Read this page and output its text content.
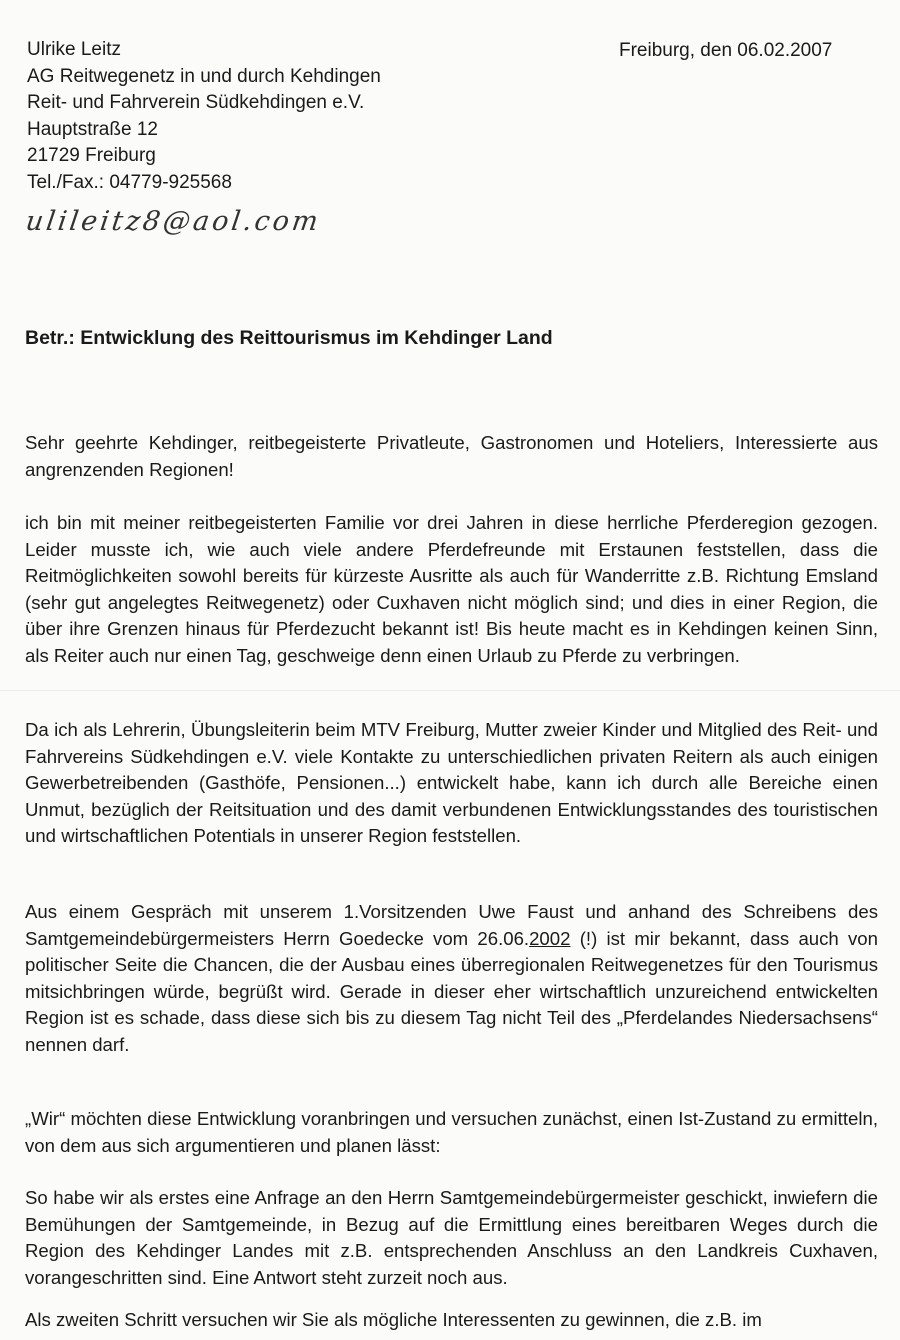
Ulrike Leitz
AG Reitwegenetz in und durch Kehdingen
Reit- und Fahrverein Südkehdingen e.V.
Hauptstraße 12
21729 Freiburg
Tel./Fax.: 04779-925568
Freiburg, den 06.02.2007
ulileitz8@aol.com
Betr.: Entwicklung des Reittourismus im Kehdinger Land
Sehr geehrte Kehdinger, reitbegeisterte Privatleute, Gastronomen und Hoteliers, Interessierte aus angrenzenden Regionen!
ich bin mit meiner reitbegeisterten Familie vor drei Jahren in diese herrliche Pferderegion gezogen. Leider musste ich, wie auch viele andere Pferdefreunde mit Erstaunen feststellen, dass die Reitmöglichkeiten sowohl bereits für kürzeste Ausritte als auch für Wanderritte z.B. Richtung Emsland (sehr gut angelegtes Reitwegenetz) oder Cuxhaven nicht möglich sind; und dies in einer Region, die über ihre Grenzen hinaus für Pferdezucht bekannt ist! Bis heute macht es in Kehdingen keinen Sinn, als Reiter auch nur einen Tag, geschweige denn einen Urlaub zu Pferde zu verbringen.
Da ich als Lehrerin, Übungsleiterin beim MTV Freiburg, Mutter zweier Kinder und Mitglied des Reit- und Fahrvereins Südkehdingen e.V. viele Kontakte zu unterschiedlichen privaten Reitern als auch einigen Gewerbetreibenden (Gasthöfe, Pensionen...) entwickelt habe, kann ich durch alle Bereiche einen Unmut, bezüglich der Reitsituation und des damit verbundenen Entwicklungsstandes des touristischen und wirtschaftlichen Potentials in unserer Region feststellen.
Aus einem Gespräch mit unserem 1.Vorsitzenden Uwe Faust und anhand des Schreibens des Samtgemeindebürgermeisters Herrn Goedecke vom 26.06.2002 (!) ist mir bekannt, dass auch von politischer Seite die Chancen, die der Ausbau eines überregionalen Reitwegenetzes für den Tourismus mitsichbringen würde, begrüßt wird. Gerade in dieser eher wirtschaftlich unzureichend entwickelten Region ist es schade, dass diese sich bis zu diesem Tag nicht Teil des „Pferdelandes Niedersachsens“ nennen darf.
„Wir“ möchten diese Entwicklung voranbringen und versuchen zunächst, einen Ist-Zustand zu ermitteln, von dem aus sich argumentieren und planen lässt:
So habe wir als erstes eine Anfrage an den Herrn Samtgemeindebürgermeister geschickt, inwiefern die Bemühungen der Samtgemeinde, in Bezug auf die Ermittlung eines bereitbaren Weges durch die Region des Kehdinger Landes mit z.B. entsprechenden Anschluss an den Landkreis Cuxhaven, vorangeschritten sind. Eine Antwort steht zurzeit noch aus.
Als zweiten Schritt versuchen wir Sie als mögliche Interessenten zu gewinnen, die z.B. im
